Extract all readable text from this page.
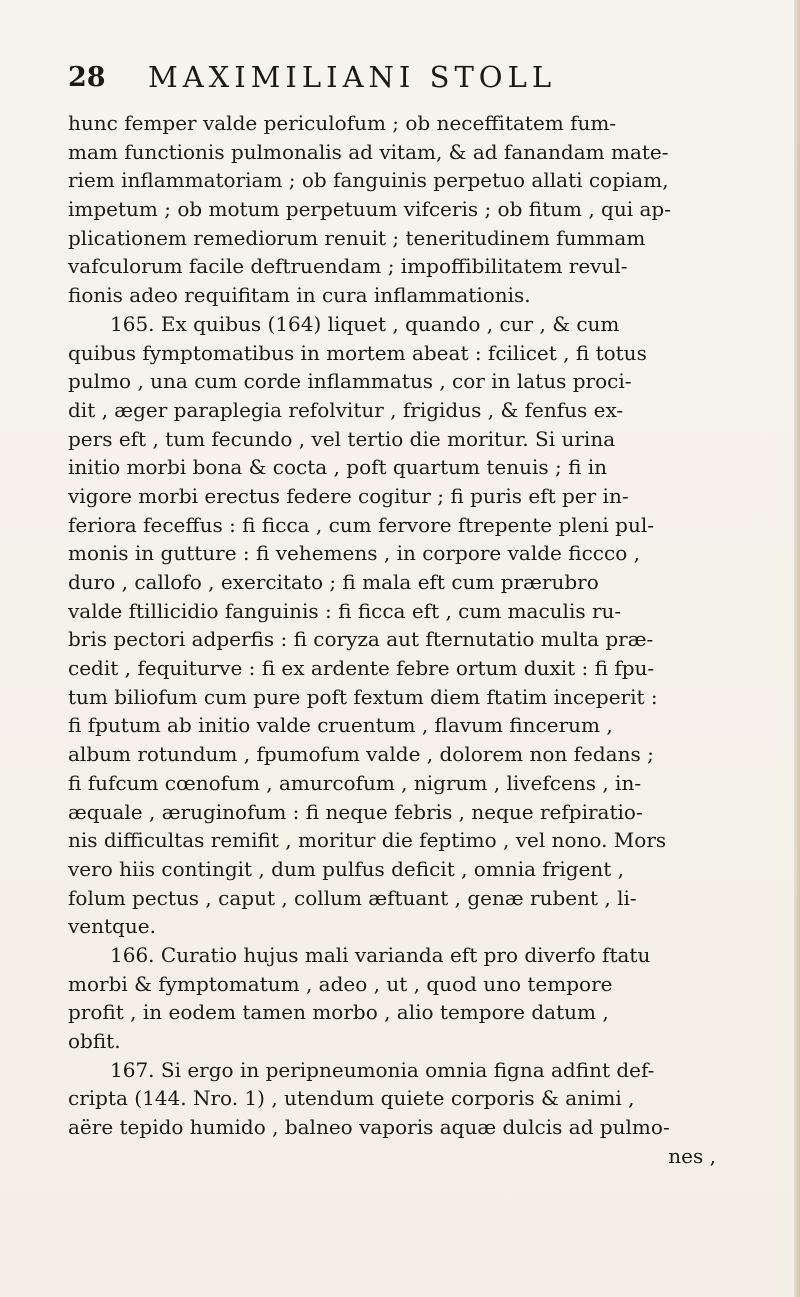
28 MAXIMILIANI STOLL
hunc femper valde periculofum ; ob neceffitatem fum-
mam functionis pulmonalis ad vitam, & ad fanandam mate-
riem inflammatoriam ; ob fanguinis perpetuo allati copiam,
impetum ; ob motum perpetuum vifceris ; ob fitum , qui ap-
plicationem remediorum renuit ; teneritudinem fummam
vafculorum facile deftruendam ; impoffibilitatem revul-
fionis adeo requifitam in cura inflammationis.
165. Ex quibus (164) liquet , quando , cur , & cum
quibus fymptomatibus in mortem abeat : fcilicet , fi totus
pulmo , una cum corde inflammatus , cor in latus proci-
dit , æger paraplegia refolvitur , frigidus , & fenfus ex-
pers eft , tum fecundo , vel tertio die moritur. Si urina
initio morbi bona & cocta , poft quartum tenuis ; fi in
vigore morbi erectus federe cogitur ; fi puris eft per in-
feriora feceffus : fi ficca , cum fervore ftrepente pleni pul-
monis in gutture : fi vehemens , in corpore valde ficcco ,
duro , callofo , exercitato ; fi mala eft cum prærubro
valde ftillicidio fanguinis : fi ficca eft , cum maculis ru-
bris pectori adperfis : fi coryza aut fternutatio multa præ-
cedit , fequiturve : fi ex ardente febre ortum duxit : fi fpu-
tum biliofum cum pure poft fextum diem ftatim inceperit :
fi fputum ab initio valde cruentum , flavum fincerum ,
album rotundum , fpumofum valde , dolorem non fedans ;
fi fufcum cœnofum , amurcofum , nigrum , livefcens , in-
æquale , æruginofum : fi neque febris , neque refpiratio-
nis difficultas remifit , moritur die feptimo , vel nono. Mors
vero hiis contingit , dum pulfus deficit , omnia frigent ,
folum pectus , caput , collum æftuant , genæ rubent , li-
ventque.
166. Curatio hujus mali varianda eft pro diverfo ftatu
morbi & fymptomatum , adeo , ut , quod uno tempore
profit , in eodem tamen morbo , alio tempore datum ,
obfit.
167. Si ergo in peripneumonia omnia figna adfint def-
cripta (144. Nro. 1) , utendum quiete corporis & animi ,
aëre tepido humido , balneo vaporis aquæ dulcis ad pulmo-
nes ,
